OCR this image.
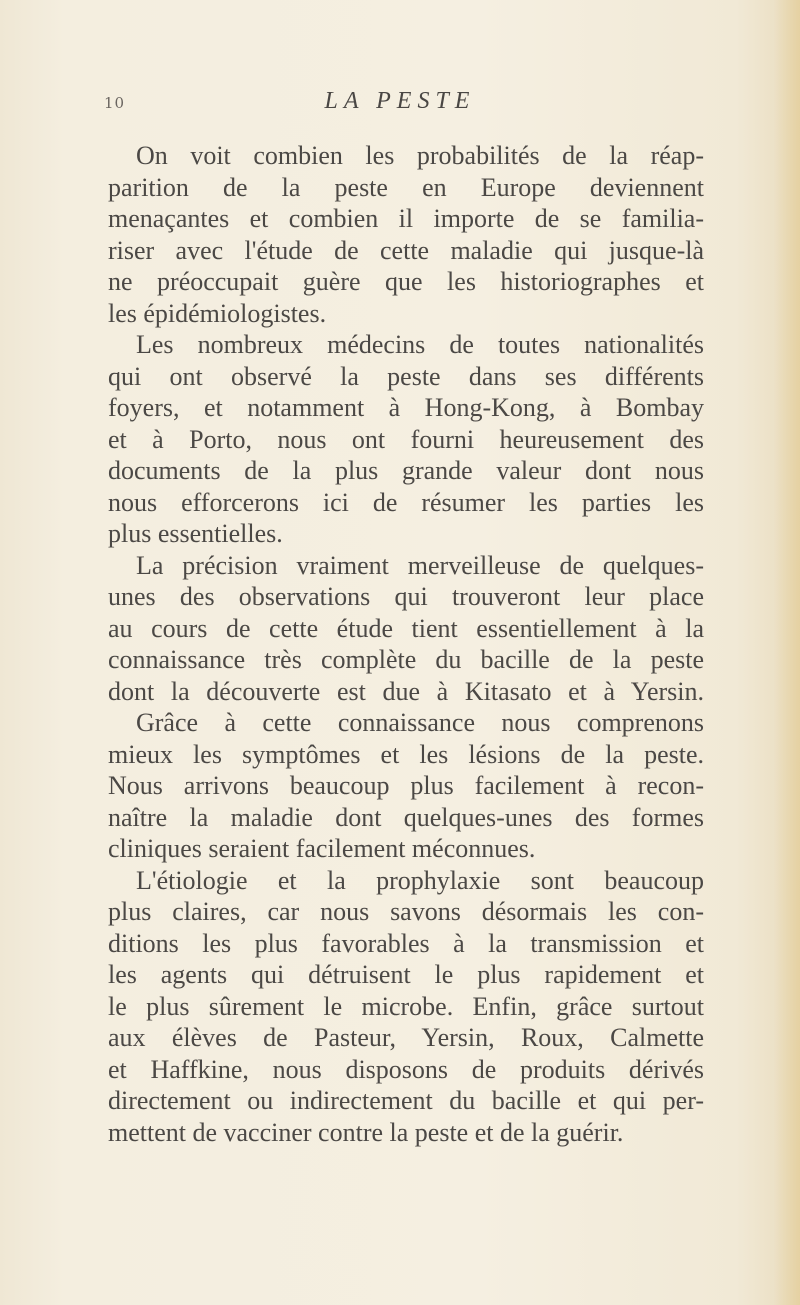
10	LA PESTE
On voit combien les probabilités de la réap-
parition de la peste en Europe deviennent
menaçantes et combien il importe de se familia-
riser avec l'étude de cette maladie qui jusque-là
ne préoccupait guère que les historiographes et
les épidémiologistes.
Les nombreux médecins de toutes nationalités
qui ont observé la peste dans ses différents
foyers, et notamment à Hong-Kong, à Bombay
et à Porto, nous ont fourni heureusement des
documents de la plus grande valeur dont nous
nous efforcerons ici de résumer les parties les
plus essentielles.
La précision vraiment merveilleuse de quelques-
unes des observations qui trouveront leur place
au cours de cette étude tient essentiellement à la
connaissance très complète du bacille de la peste
dont la découverte est due à Kitasato et à Yersin.
Grâce à cette connaissance nous comprenons
mieux les symptômes et les lésions de la peste.
Nous arrivons beaucoup plus facilement à recon-
naître la maladie dont quelques-unes des formes
cliniques seraient facilement méconnues.
L'étiologie et la prophylaxie sont beaucoup
plus claires, car nous savons désormais les con-
ditions les plus favorables à la transmission et
les agents qui détruisent le plus rapidement et
le plus sûrement le microbe. Enfin, grâce surtout
aux élèves de Pasteur, Yersin, Roux, Calmette
et Haffkine, nous disposons de produits dérivés
directement ou indirectement du bacille et qui per-
mettent de vacciner contre la peste et de la guérir.
